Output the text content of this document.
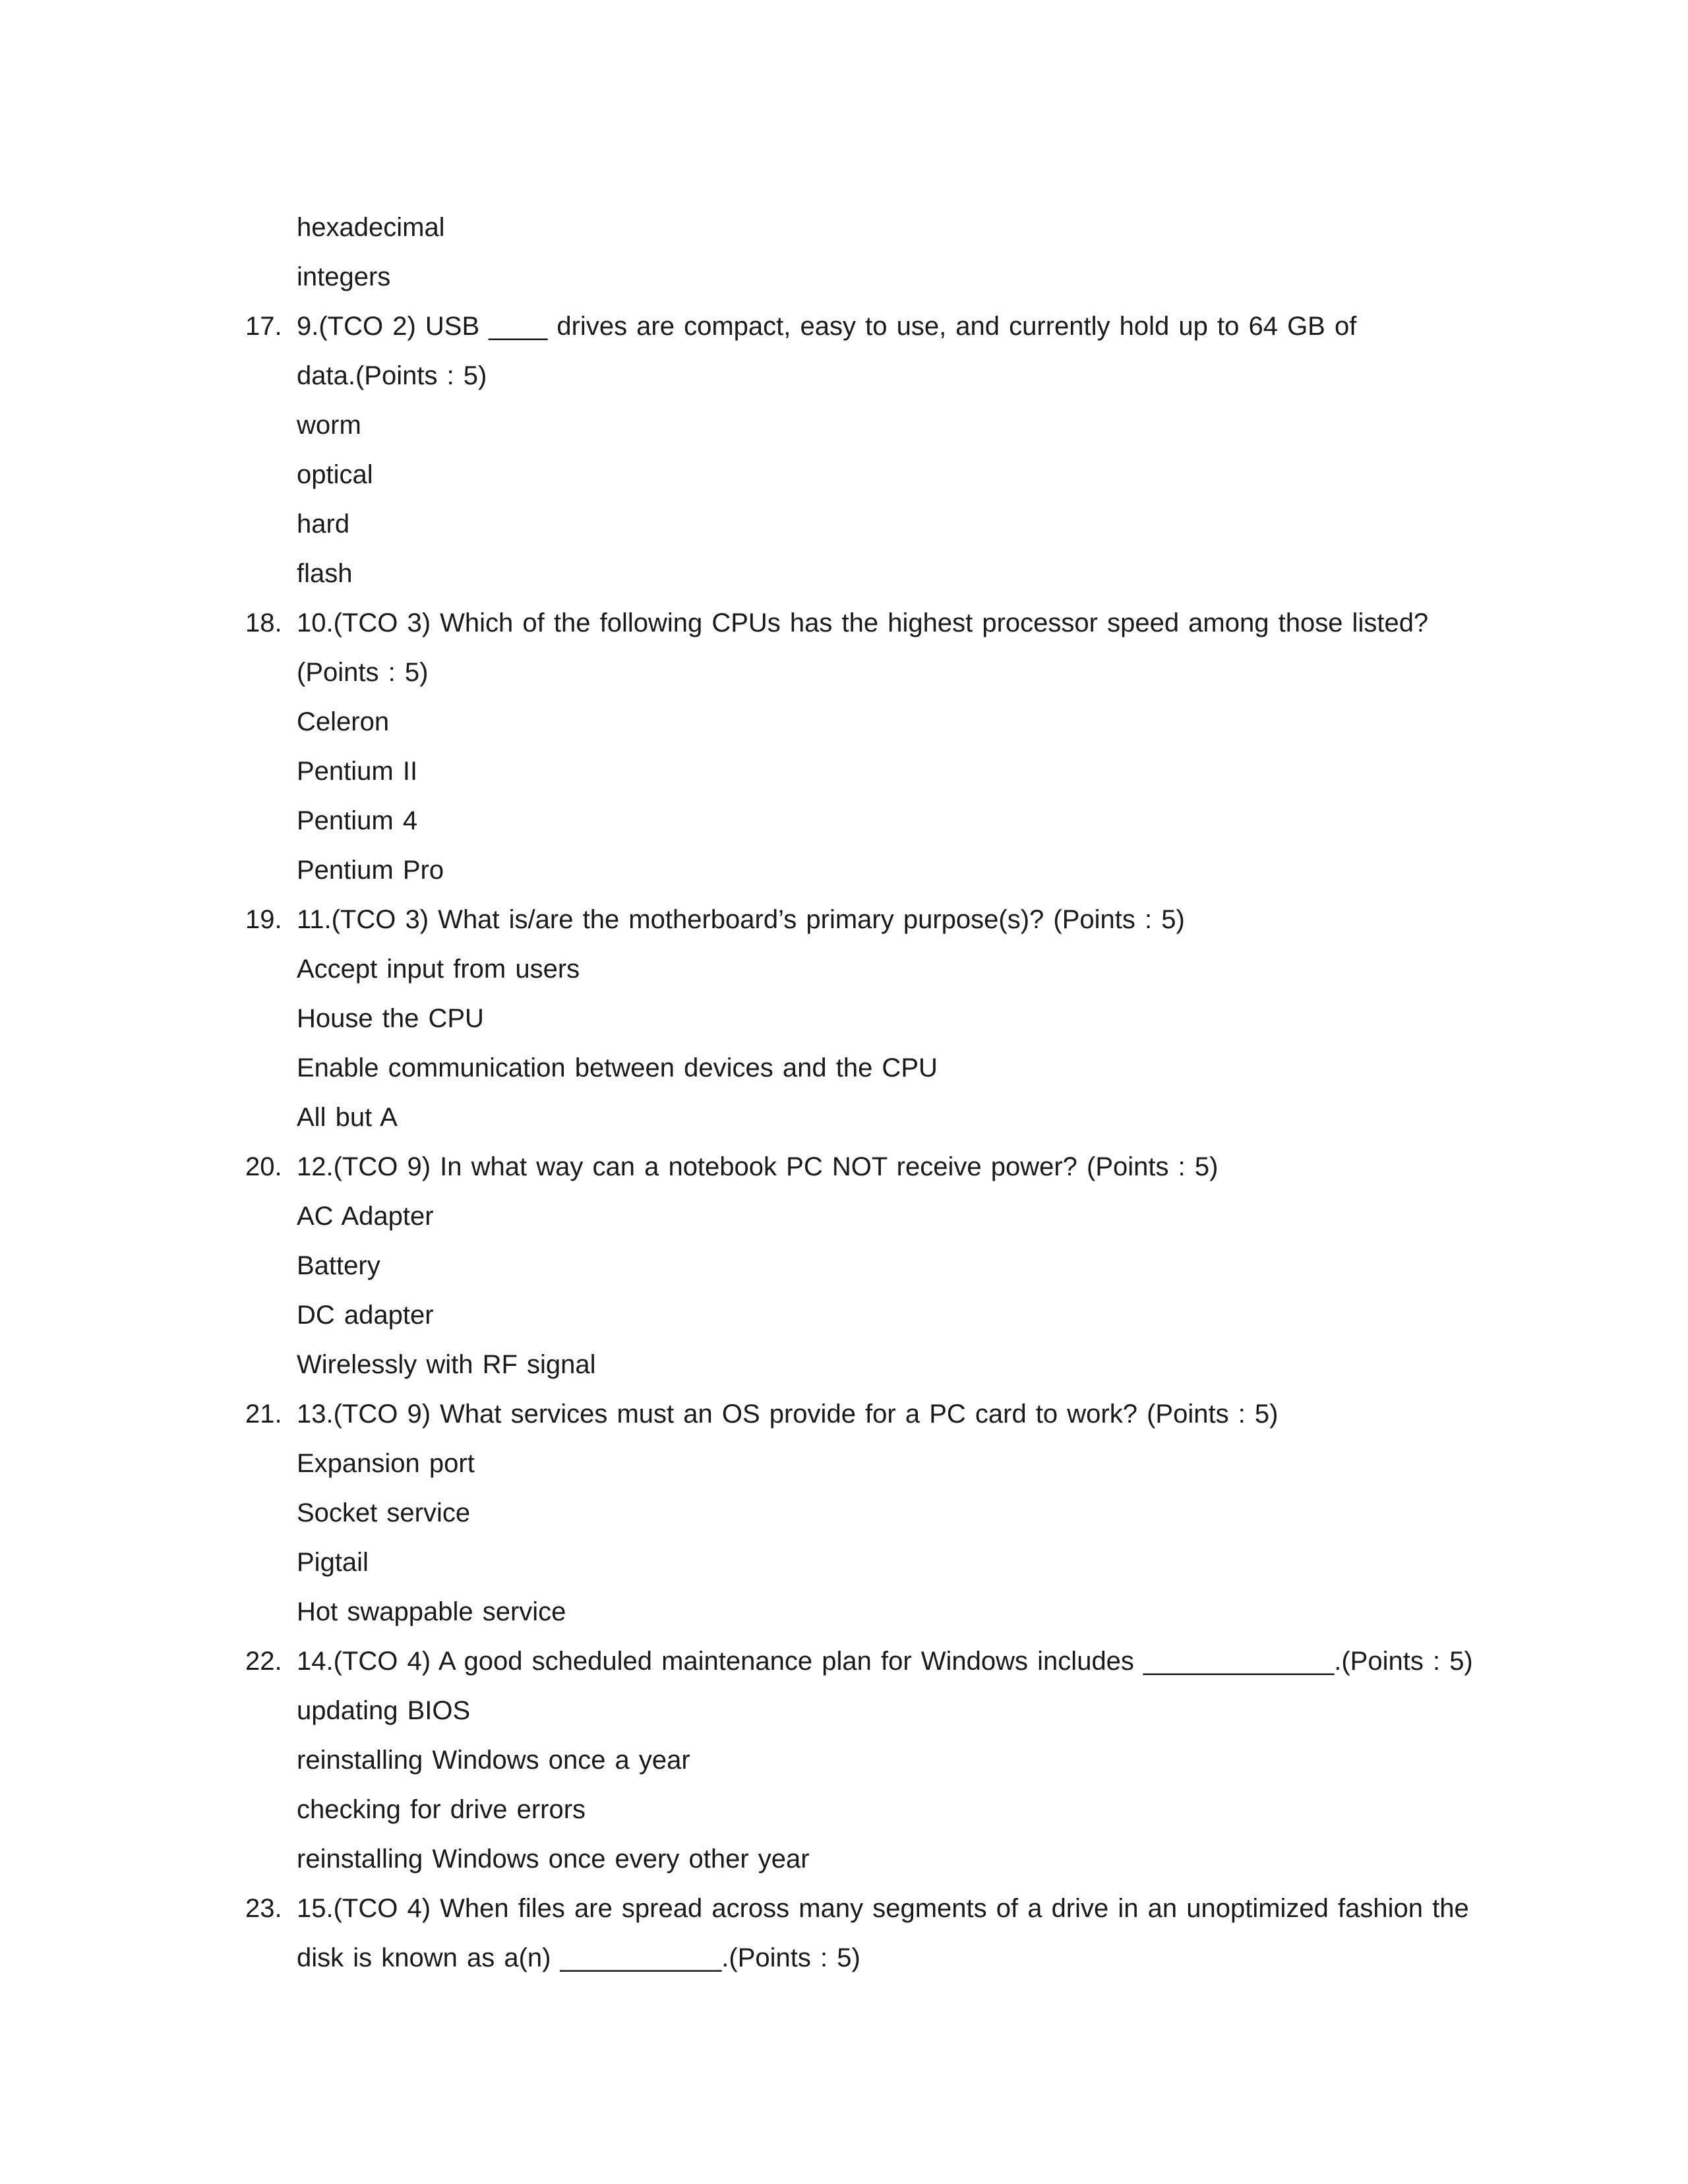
hexadecimal
integers
17. 9.(TCO 2) USB ____ drives are compact, easy to use, and currently hold up to 64 GB of
data.(Points : 5)
worm
optical
hard
flash
18. 10.(TCO 3) Which of the following CPUs has the highest processor speed among those listed?
(Points : 5)
Celeron
Pentium II
Pentium 4
Pentium Pro
19. 11.(TCO 3) What is/are the motherboard’s primary purpose(s)? (Points : 5)
Accept input from users
House the CPU
Enable communication between devices and the CPU
All but A
20. 12.(TCO 9) In what way can a notebook PC NOT receive power? (Points : 5)
AC Adapter
Battery
DC adapter
Wirelessly with RF signal
21. 13.(TCO 9) What services must an OS provide for a PC card to work? (Points : 5)
Expansion port
Socket service
Pigtail
Hot swappable service
22. 14.(TCO 4) A good scheduled maintenance plan for Windows includes _____________.(Points : 5)
updating BIOS
reinstalling Windows once a year
checking for drive errors
reinstalling Windows once every other year
23. 15.(TCO 4) When files are spread across many segments of a drive in an unoptimized fashion the
disk is known as a(n) ___________.(Points : 5)
